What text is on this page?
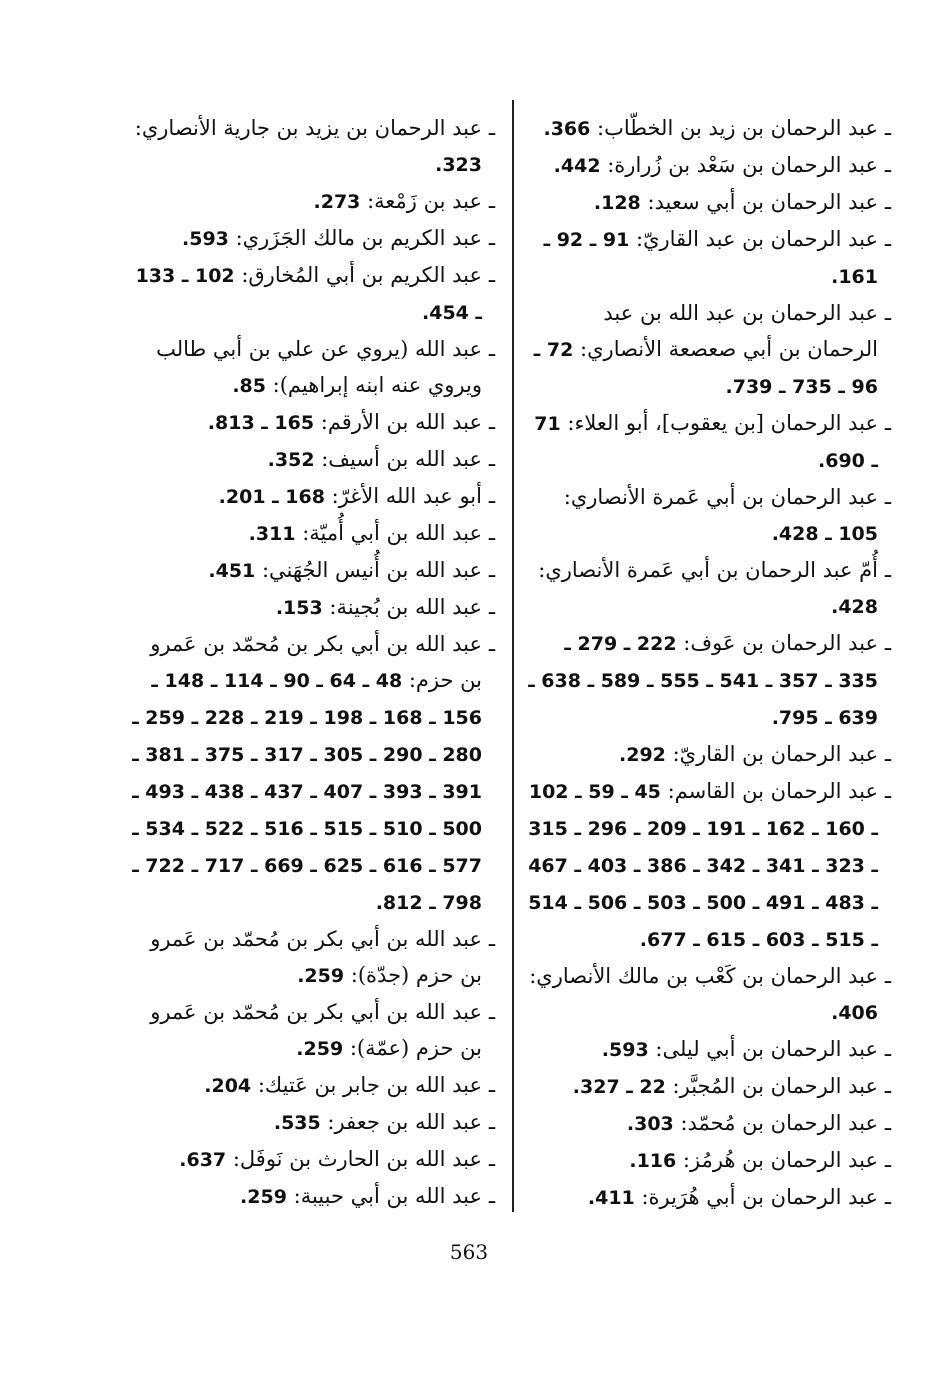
ـعبد الرحمان بن زيد بن الخطّاب: 366.

ـعبد الرحمان بن سَعْد بن زُرارة: 442.

ـعبد الرحمان بن أبي سعيد: 128.

ـعبد الرحمان بن عبد القاريّ: 91 ـ 92 ـ 161.

ـعبد الرحمان بن عبد الله بن عبد الرحمان بن أبي صعصعة الأنصاري: 72 ـ 96 ـ 735 ـ 739.

ـعبد الرحمان [بن يعقوب]، أبو العلاء: 71 ـ 690.

ـعبد الرحمان بن أبي عَمرة الأنصاري: 105 ـ 428.

ـأُمّ عبد الرحمان بن أبي عَمرة الأنصاري: 428.

ـعبد الرحمان بن عَوف: 222 ـ 279 ـ 335 ـ 357 ـ 541 ـ 555 ـ 589 ـ 638 ـ 639 ـ 795.

ـعبد الرحمان بن القاريّ: 292.

ـعبد الرحمان بن القاسم: 45 ـ 59 ـ 102 ـ 160 ـ 162 ـ 191 ـ 209 ـ 296 ـ 315 ـ 323 ـ 341 ـ 342 ـ 386 ـ 403 ـ 467 ـ 483 ـ 491 ـ 500 ـ 503 ـ 506 ـ 514 ـ 515 ـ 603 ـ 615 ـ 677.

ـعبد الرحمان بن كَعْب بن مالك الأنصاري: 406.

ـعبد الرحمان بن أبي ليلى: 593.

ـعبد الرحمان بن المُجبَّر: 22 ـ 327.

ـعبد الرحمان بن مُحمّد: 303.

ـعبد الرحمان بن هُرمُز: 116.

ـعبد الرحمان بن أبي هُرَيرة: 411.

ـعبد الرحمان بن يزيد بن جارية الأنصاري: 323.

ـعبد بن زَمْعة: 273.

ـعبد الكريم بن مالك الجَزَري: 593.

ـعبد الكريم بن أبي المُخارق: 102 ـ 133 ـ 454.

ـعبد الله (يروي عن علي بن أبي طالب ويروي عنه ابنه إبراهيم): 85.

ـعبد الله بن الأرقم: 165 ـ 813.

ـعبد الله بن أسيف: 352.

ـأبو عبد الله الأغرّ: 168 ـ 201.

ـعبد الله بن أبي أُميّة: 311.

ـعبد الله بن أُنيس الجُهَني: 451.

ـعبد الله بن بُجينة: 153.

ـعبد الله بن أبي بكر بن مُحمّد بن عَمرو بن حزم: 48 ـ 64 ـ 90 ـ 114 ـ 148 ـ 156 ـ 168 ـ 198 ـ 219 ـ 228 ـ 259 ـ 280 ـ 290 ـ 305 ـ 317 ـ 375 ـ 381 ـ 391 ـ 393 ـ 407 ـ 437 ـ 438 ـ 493 ـ 500 ـ 510 ـ 515 ـ 516 ـ 522 ـ 534 ـ 577 ـ 616 ـ 625 ـ 669 ـ 717 ـ 722 ـ 798 ـ 812.

ـعبد الله بن أبي بكر بن مُحمّد بن عَمرو بن حزم (جدّة): 259.

ـعبد الله بن أبي بكر بن مُحمّد بن عَمرو بن حزم (عمّة): 259.

ـعبد الله بن جابر بن عَتيك: 204.

ـعبد الله بن جعفر: 535.

ـعبد الله بن الحارث بن نَوفَل: 637.

ـعبد الله بن أبي حبيبة: 259.

563
